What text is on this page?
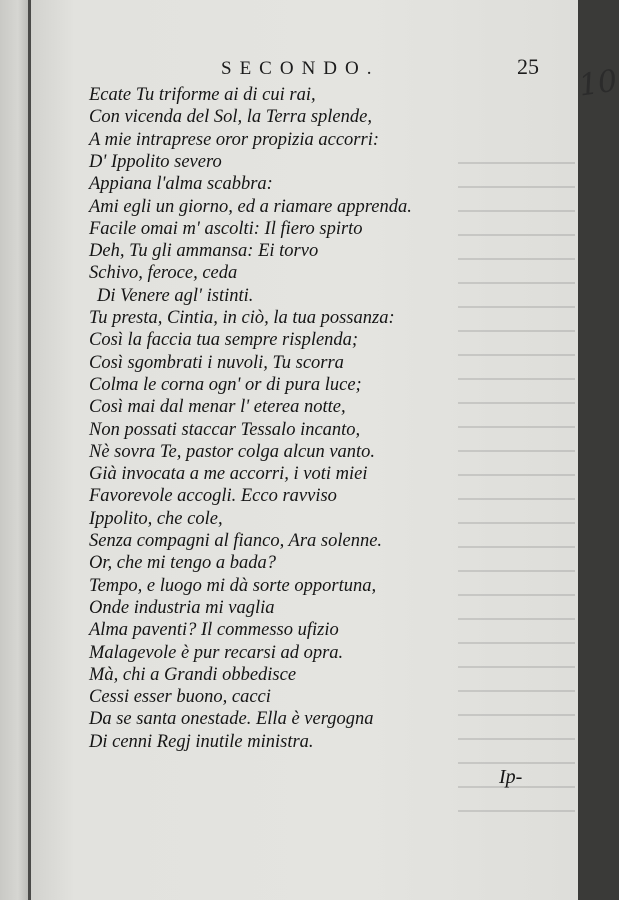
SECONDO.	25 10
Ecate Tu triforme ai di cui rai,
Con vicenda del Sol, la Terra splende,
A mie intraprese oror propizia accorri:
D' Ippolito severo
Appiana l'alma scabbra:
Ami egli un giorno, ed a riamare apprenda.
Facile omai m' ascolti: Il fiero spirto
Deh, Tu gli ammansa: Ei torvo
Schivo, feroce, ceda
Di Venere agl' istinti.
Tu presta, Cintia, in ciò, la tua possanza:
Così la faccia tua sempre risplenda;
Così sgombrati i nuvoli, Tu scorra
Colma le corna ogn' or di pura luce;
Così mai dal menar l' eterea notte,
Non possati staccar Tessalo incanto,
Nè sovra Te, pastor colga alcun vanto.
Già invocata a me accorri, i voti miei
Favorevole accogli. Ecco ravviso
Ippolito, che cole,
Senza compagni al fianco, Ara solenne.
Or, che mi tengo a bada?
Tempo, e luogo mi dà sorte opportuna,
Onde industria mi vaglia
Alma paventi? Il commesso ufizio
Malagevole è pur recarsi ad opra.
Mà, chi a Grandi obbedisce
Cessi esser buono, cacci
Da se santa onestade. Ella è vergogna
Di cenni Regj inutile ministra.
Ip-
